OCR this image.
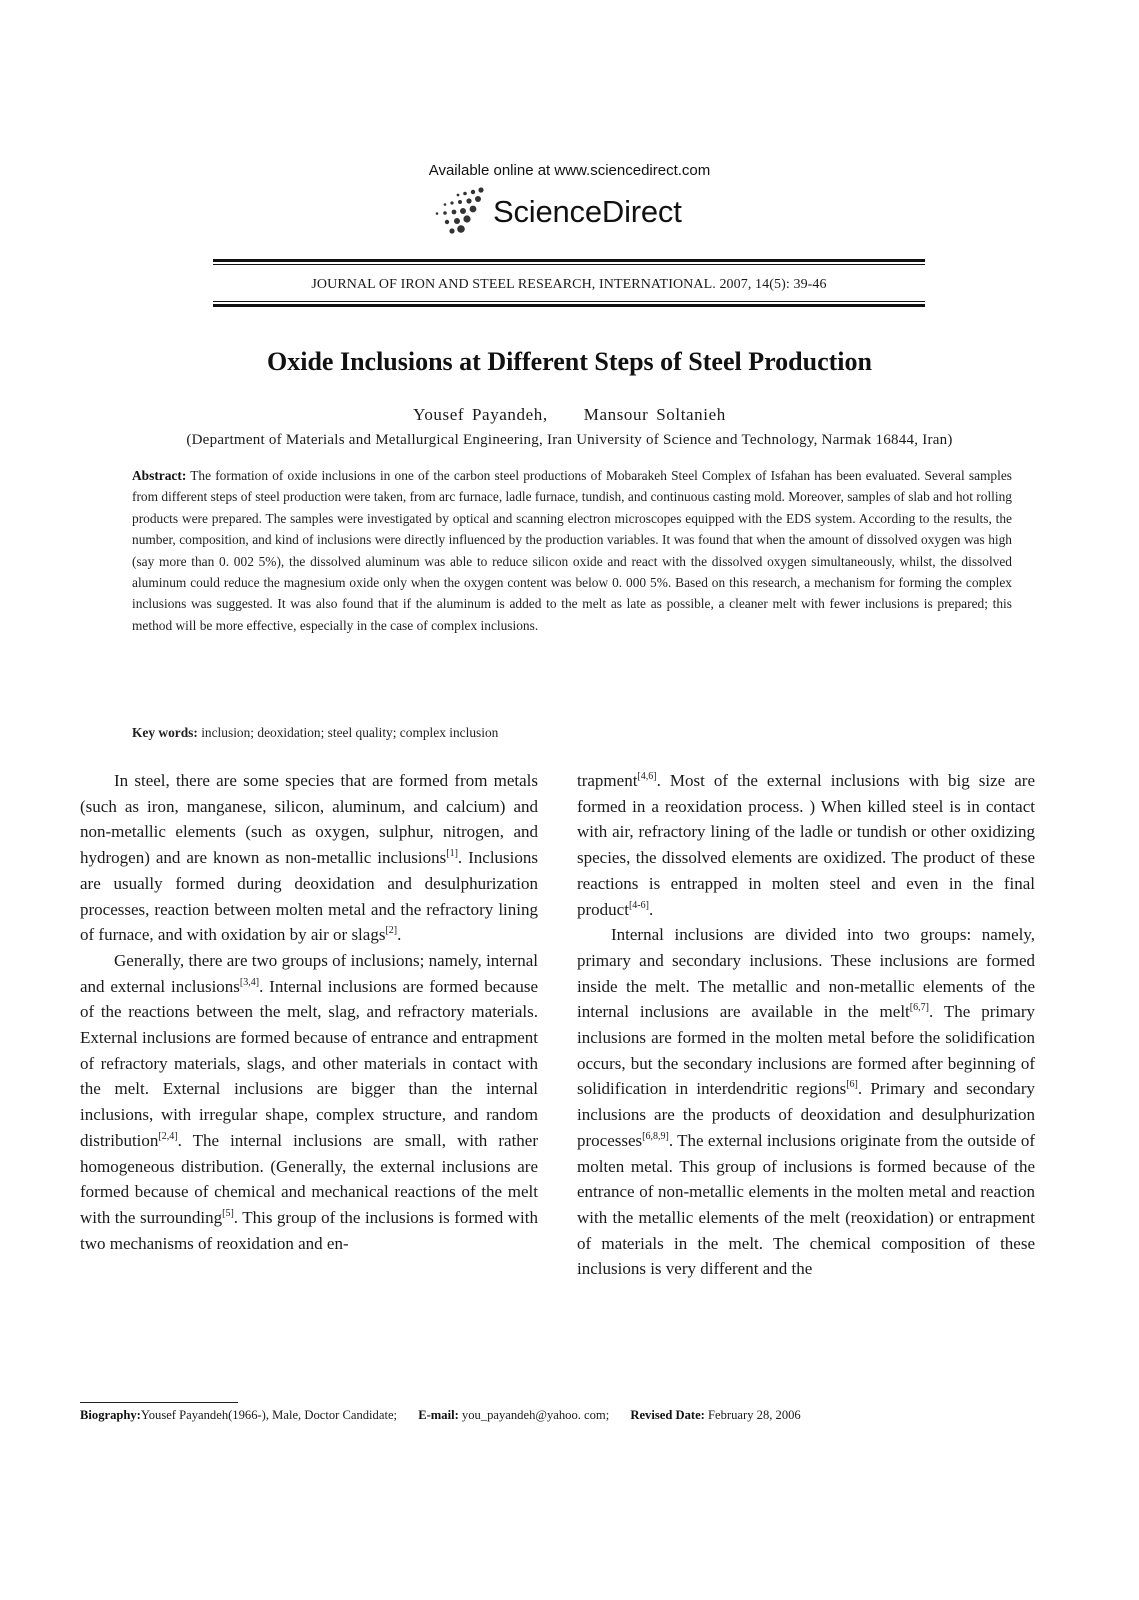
Available online at www.sciencedirect.com
ScienceDirect
JOURNAL OF IRON AND STEEL RESEARCH, INTERNATIONAL. 2007, 14(5): 39-46
Oxide Inclusions at Different Steps of Steel Production
Yousef Payandeh, Mansour Soltanieh
(Department of Materials and Metallurgical Engineering, Iran University of Science and Technology, Narmak 16844, Iran)
Abstract: The formation of oxide inclusions in one of the carbon steel productions of Mobarakeh Steel Complex of Isfahan has been evaluated. Several samples from different steps of steel production were taken, from arc furnace, ladle furnace, tundish, and continuous casting mold. Moreover, samples of slab and hot rolling products were prepared. The samples were investigated by optical and scanning electron microscopes equipped with the EDS system. According to the results, the number, composition, and kind of inclusions were directly influenced by the production variables. It was found that when the amount of dissolved oxygen was high (say more than 0. 002 5%), the dissolved aluminum was able to reduce silicon oxide and react with the dissolved oxygen simultaneously, whilst, the dissolved aluminum could reduce the magnesium oxide only when the oxygen content was below 0. 000 5%. Based on this research, a mechanism for forming the complex inclusions was suggested. It was also found that if the aluminum is added to the melt as late as possible, a cleaner melt with fewer inclusions is prepared; this method will be more effective, especially in the case of complex inclusions.
Key words: inclusion; deoxidation; steel quality; complex inclusion

In steel, there are some species that are formed from metals (such as iron, manganese, silicon, aluminum, and calcium) and non-metallic elements (such as oxygen, sulphur, nitrogen, and hydrogen) and are known as non-metallic inclusions[1]. Inclusions are usually formed during deoxidation and desulphurization processes, reaction between molten metal and the refractory lining of furnace, and with oxidation by air or slags[2].

Generally, there are two groups of inclusions; namely, internal and external inclusions[3,4]. Internal inclusions are formed because of the reactions between the melt, slag, and refractory materials. External inclusions are formed because of entrance and entrapment of refractory materials, slags, and other materials in contact with the melt. External inclusions are bigger than the internal inclusions, with irregular shape, complex structure, and random distribution[2,4]. The internal inclusions are small, with rather homogeneous distribution. (Generally, the external inclusions are formed because of chemical and mechanical reactions of the melt with the surrounding[5]. This group of the inclusions is formed with two mechanisms of reoxidation and en-

trapment[4,6]. Most of the external inclusions with big size are formed in a reoxidation process. ) When killed steel is in contact with air, refractory lining of the ladle or tundish or other oxidizing species, the dissolved elements are oxidized. The product of these reactions is entrapped in molten steel and even in the final product[4-6].

Internal inclusions are divided into two groups: namely, primary and secondary inclusions. These inclusions are formed inside the melt. The metallic and non-metallic elements of the internal inclusions are available in the melt[6,7]. The primary inclusions are formed in the molten metal before the solidification occurs, but the secondary inclusions are formed after beginning of solidification in interdendritic regions[6]. Primary and secondary inclusions are the products of deoxidation and desulphurization processes[6,8,9]. The external inclusions originate from the outside of molten metal. This group of inclusions is formed because of the entrance of non-metallic elements in the molten metal and reaction with the metallic elements of the melt (reoxidation) or entrapment of materials in the melt. The chemical composition of these inclusions is very different and the

Biography:Yousef Payandeh(1966-), Male, Doctor Candidate; E-mail: you_payandeh@yahoo. com; Revised Date: February 28, 2006
